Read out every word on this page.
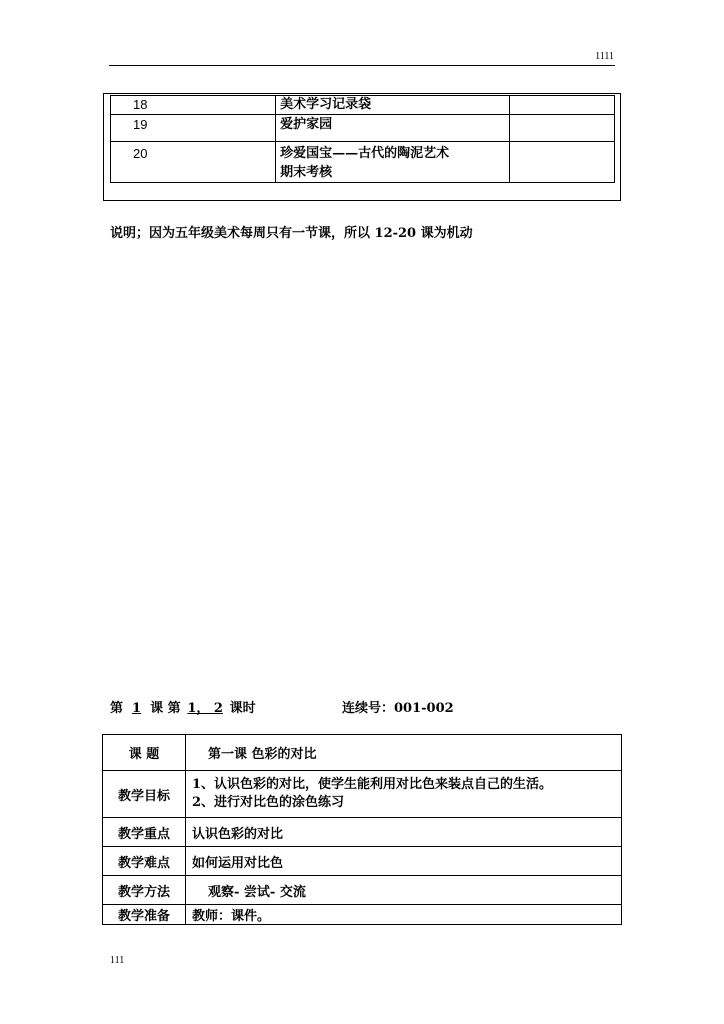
1111
18	美术学习记录袋	
19	爱护家园	
20	珍爱国宝——古代的陶泥艺术
期末考核	

说明；因为五年级美术每周只有一节课，所以 12-20 课为机动
第 1 课 第 1， 2 课时	连续号：001-002
课 题	第一课 色彩的对比
教学目标	1、认识色彩的对比，使学生能利用对比色来装点自己的生活。
2、进行对比色的涂色练习

教学重点	认识色彩的对比
教学难点	如何运用对比色
教学方法	观察- 尝试- 交流
教学准备	教师：课件。
111
